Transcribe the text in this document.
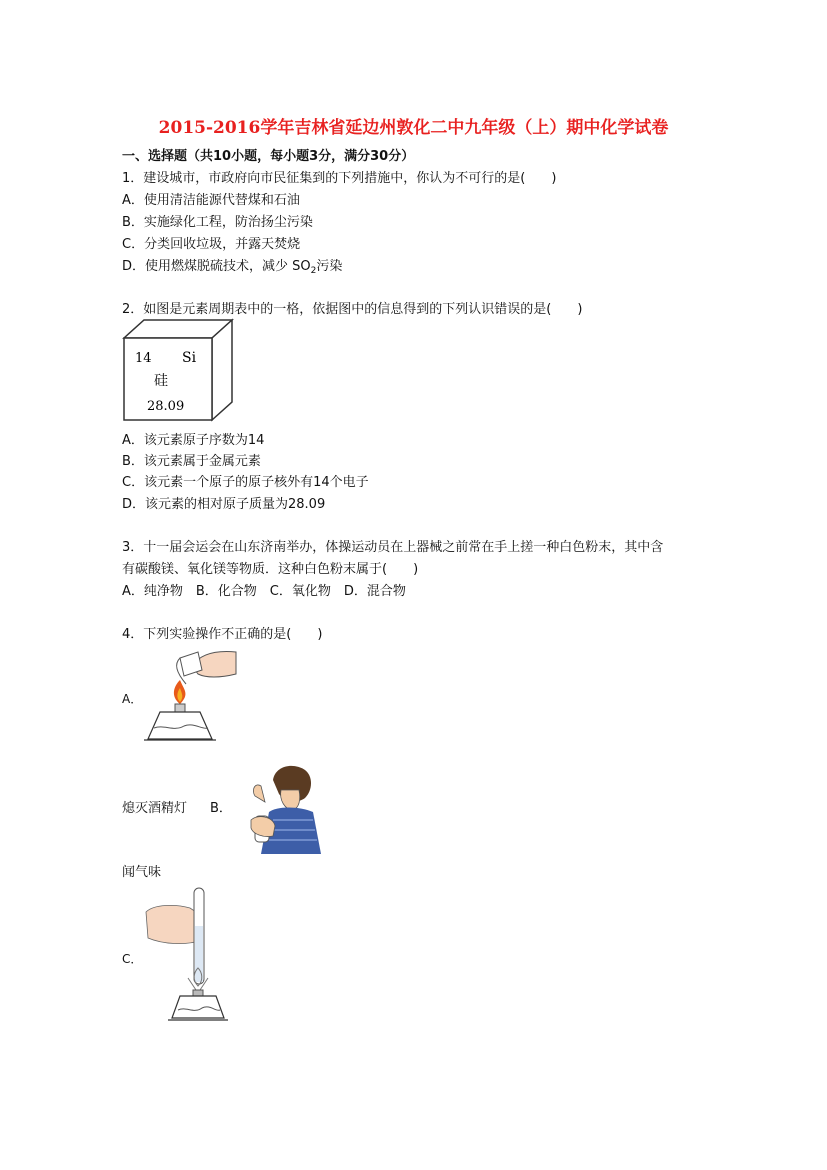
2015-2016学年吉林省延边州敦化二中九年级（上）期中化学试卷
一、选择题（共10小题，每小题3分，满分30分）
1．建设城市，市政府向市民征集到的下列措施中，你认为不可行的是(　　)
A．使用清洁能源代替煤和石油
B．实施绿化工程，防治扬尘污染
C．分类回收垃圾，并露天焚烧
D．使用燃煤脱硫技术，减少 $SO_2$污染
2．如图是元素周期表中的一格，依据图中的信息得到的下列认识错误的是(　　)
14 Si
硅
28.09
A．该元素原子序数为14
B．该元素属于金属元素
C．该元素一个原子的原子核外有14个电子
D．该元素的相对原子质量为28.09
3．十一届会运会在山东济南举办，体操运动员在上器械之前常在手上搓一种白色粉末，其中含
有碳酸镁、氧化镁等物质．这种白色粉末属于(　　)
A．纯净物　B．化合物　C．氧化物　D．混合物
4．下列实验操作不正确的是(　　)
A．
熄灭酒精灯 B．
闻气味
C．
